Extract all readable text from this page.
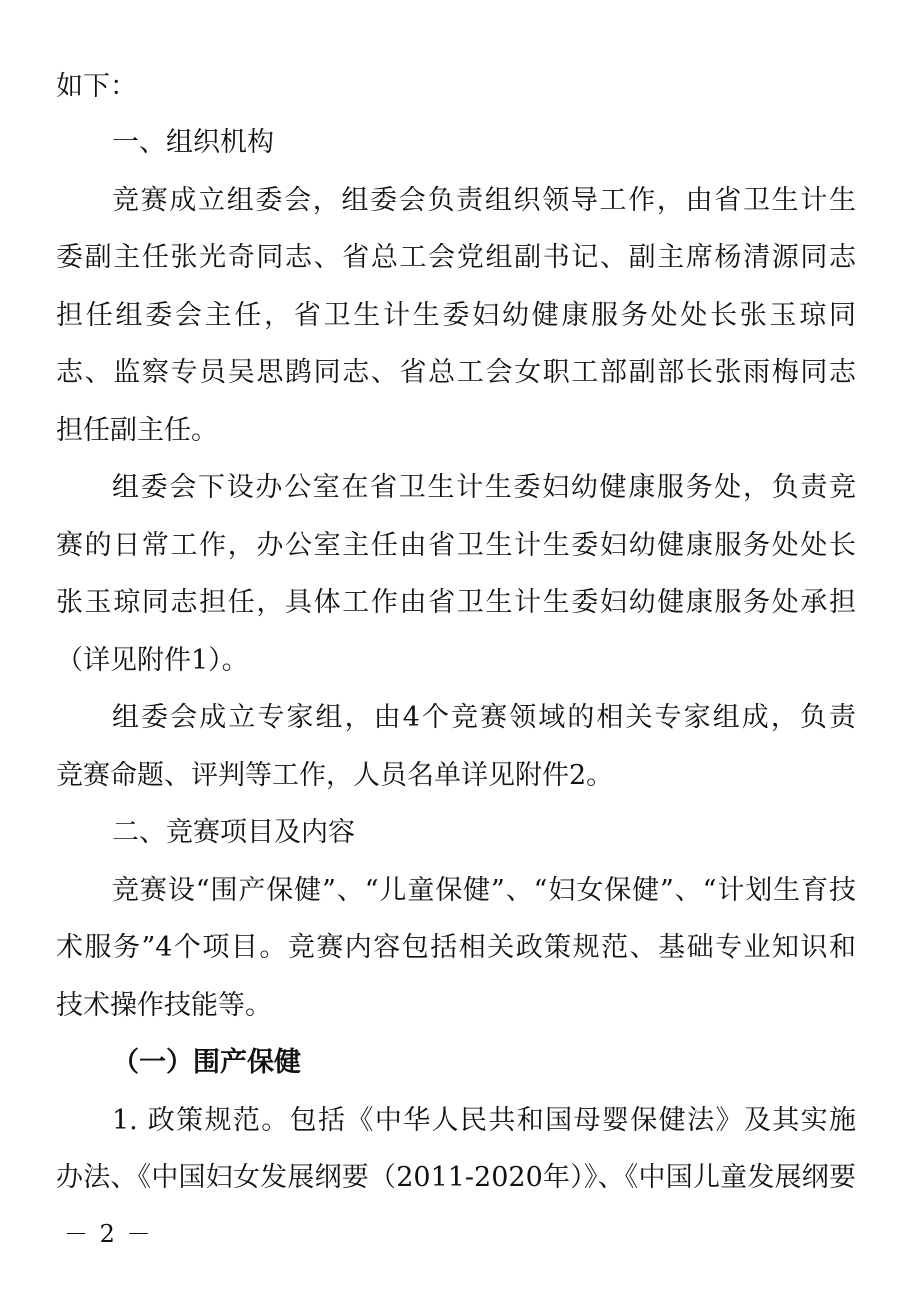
如下：
一、组织机构
竞赛成立组委会，组委会负责组织领导工作，由省卫生计生
委副主任张光奇同志、省总工会党组副书记、副主席杨清源同志
担任组委会主任，省卫生计生委妇幼健康服务处处长张玉琼同
志、监察专员吴思鹍同志、省总工会女职工部副部长张雨梅同志
担任副主任。
组委会下设办公室在省卫生计生委妇幼健康服务处，负责竞
赛的日常工作，办公室主任由省卫生计生委妇幼健康服务处处长
张玉琼同志担任，具体工作由省卫生计生委妇幼健康服务处承担
（详见附件1）。
组委会成立专家组，由4个竞赛领域的相关专家组成，负责
竞赛命题、评判等工作，人员名单详见附件2。
二、竞赛项目及内容
竞赛设“围产保健”、“儿童保健”、“妇女保健”、“计划生育技
术服务”4个项目。竞赛内容包括相关政策规范、基础专业知识和
技术操作技能等。
（一）围产保健
1. 政策规范。包括《中华人民共和国母婴保健法》及其实施
办法、《中国妇女发展纲要（2011-2020年）》、《中国儿童发展纲要
－ 2 －
